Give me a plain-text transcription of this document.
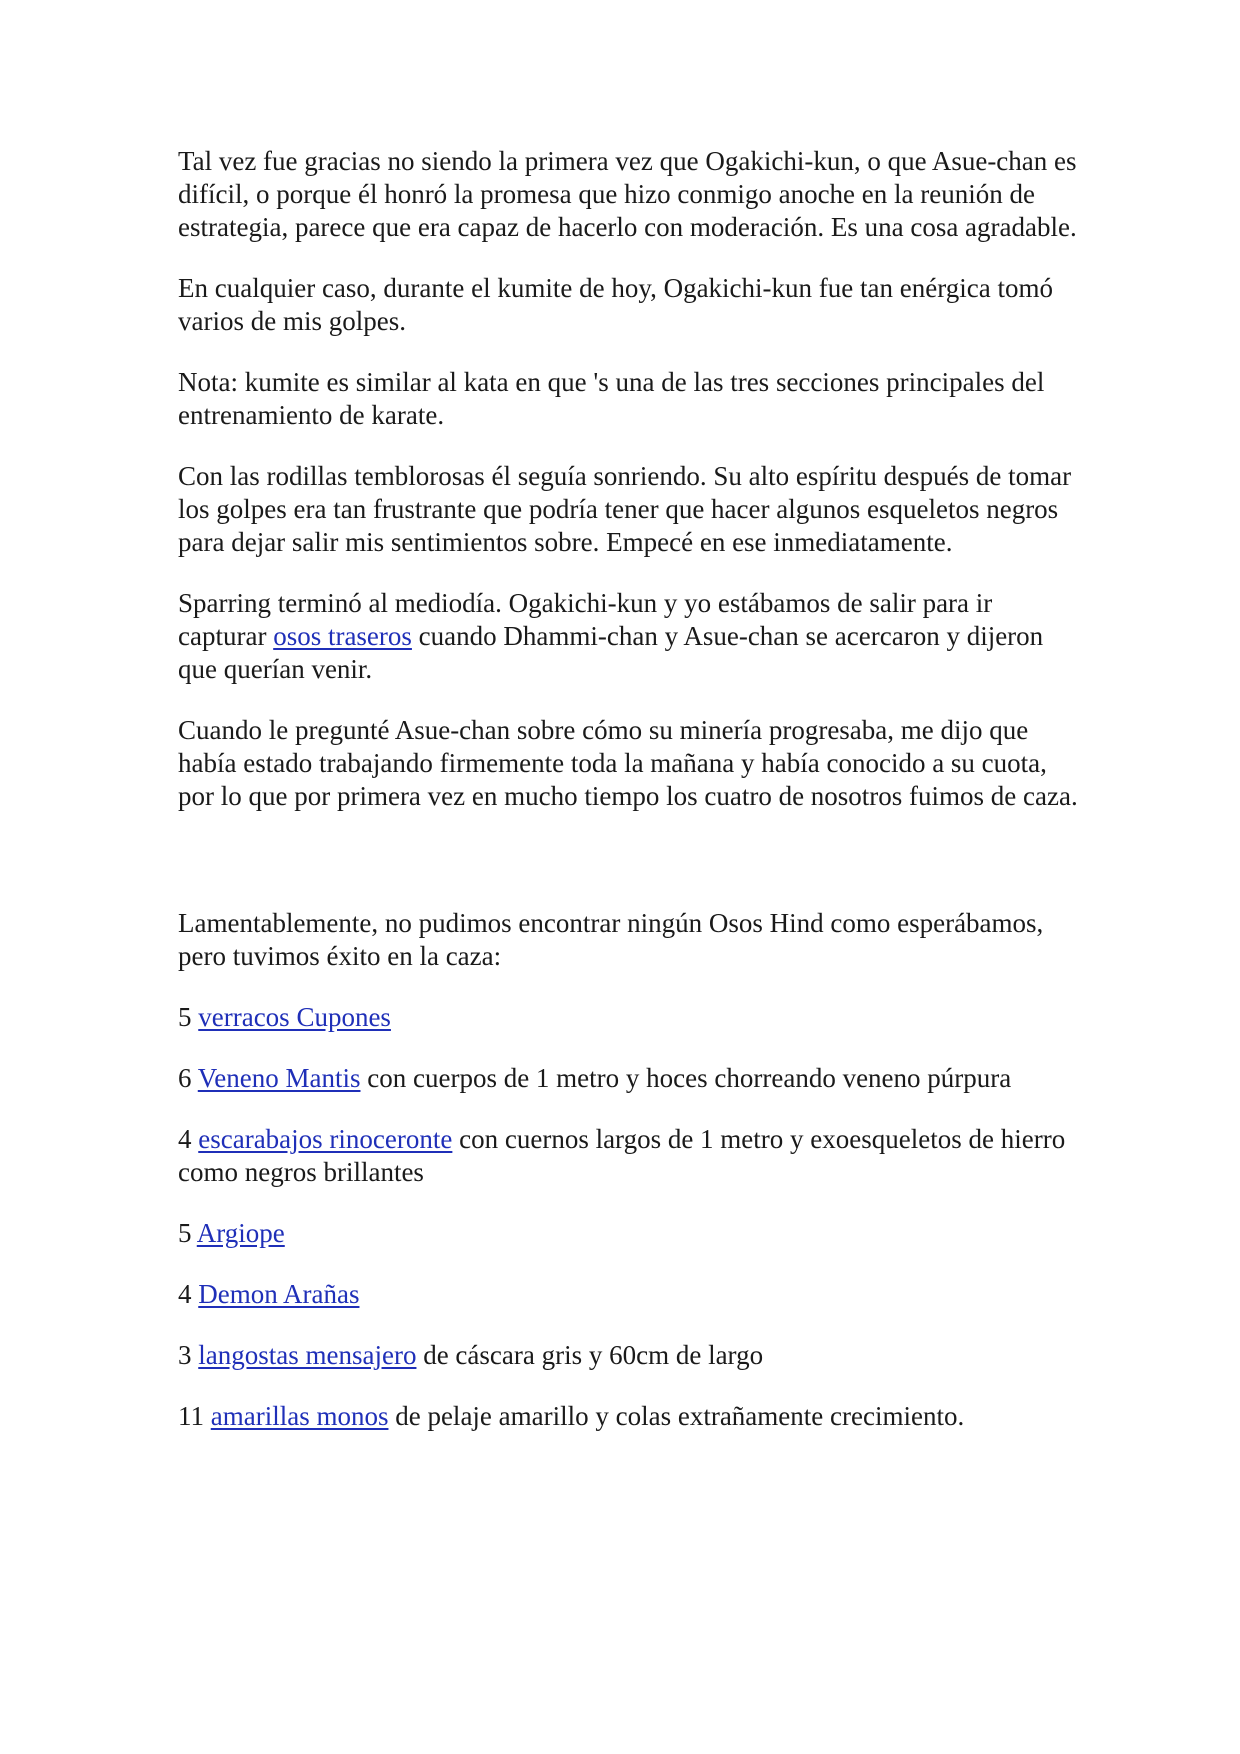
Tal vez fue gracias no siendo la primera vez que Ogakichi-kun, o que Asue-chan es difícil, o porque él honró la promesa que hizo conmigo anoche en la reunión de estrategia, parece que era capaz de hacerlo con moderación. Es una cosa agradable.

En cualquier caso, durante el kumite de hoy, Ogakichi-kun fue tan enérgica tomó varios de mis golpes.

Nota: kumite es similar al kata en que 's una de las tres secciones principales del entrenamiento de karate.

Con las rodillas temblorosas él seguía sonriendo. Su alto espíritu después de tomar los golpes era tan frustrante que podría tener que hacer algunos esqueletos negros para dejar salir mis sentimientos sobre. Empecé en ese inmediatamente.

Sparring terminó al mediodía. Ogakichi-kun y yo estábamos de salir para ir capturar osos traseros cuando Dhammi-chan y Asue-chan se acercaron y dijeron que querían venir.

Cuando le pregunté Asue-chan sobre cómo su minería progresaba, me dijo que había estado trabajando firmemente toda la mañana y había conocido a su cuota, por lo que por primera vez en mucho tiempo los cuatro de nosotros fuimos de caza.

Lamentablemente, no pudimos encontrar ningún Osos Hind como esperábamos, pero tuvimos éxito en la caza:

5 verracos Cupones

6 Veneno Mantis con cuerpos de 1 metro y hoces chorreando veneno púrpura

4 escarabajos rinoceronte con cuernos largos de 1 metro y exoesqueletos de hierro como negros brillantes

5 Argiope

4 Demon Arañas

3 langostas mensajero de cáscara gris y 60cm de largo

11 amarillas monos de pelaje amarillo y colas extrañamente crecimiento.
